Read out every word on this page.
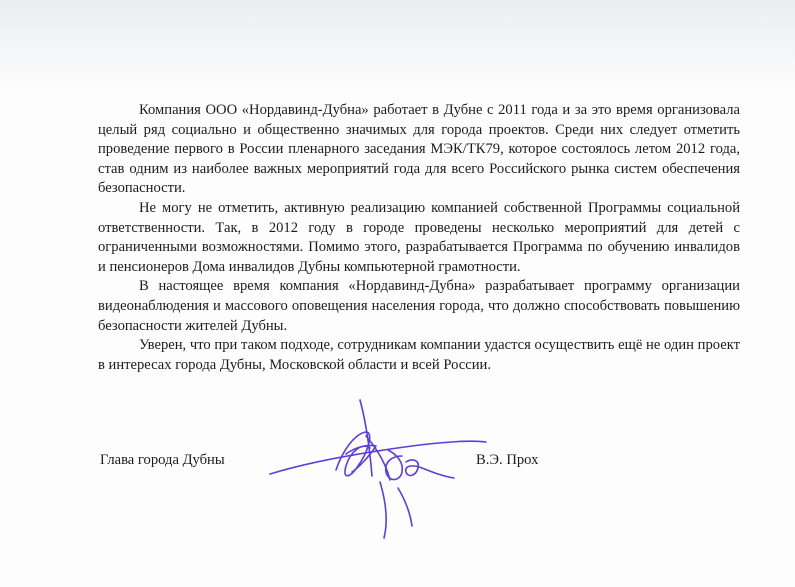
Компания ООО «Нордавинд-Дубна» работает в Дубне с 2011 года и за это время организовала целый ряд социально и общественно значимых для города проектов. Среди них следует отметить проведение первого в России пленарного заседания МЭК/ТК79, которое состоялось летом 2012 года, став одним из наиболее важных мероприятий года для всего Российского рынка систем обеспечения безопасности.

Не могу не отметить, активную реализацию компанией собственной Программы социальной ответственности. Так, в 2012 году в городе проведены несколько мероприятий для детей с ограниченными возможностями. Помимо этого, разрабатывается Программа по обучению инвалидов и пенсионеров Дома инвалидов Дубны компьютерной грамотности.

В настоящее время компания «Нордавинд-Дубна» разрабатывает программу организации видеонаблюдения и массового оповещения населения города, что должно способствовать повышению безопасности жителей Дубны.

Уверен, что при таком подходе, сотрудникам компании удастся осуществить ещё не один проект в интересах города Дубны, Московской области и всей России.

Глава города Дубны	В.Э. Прох
